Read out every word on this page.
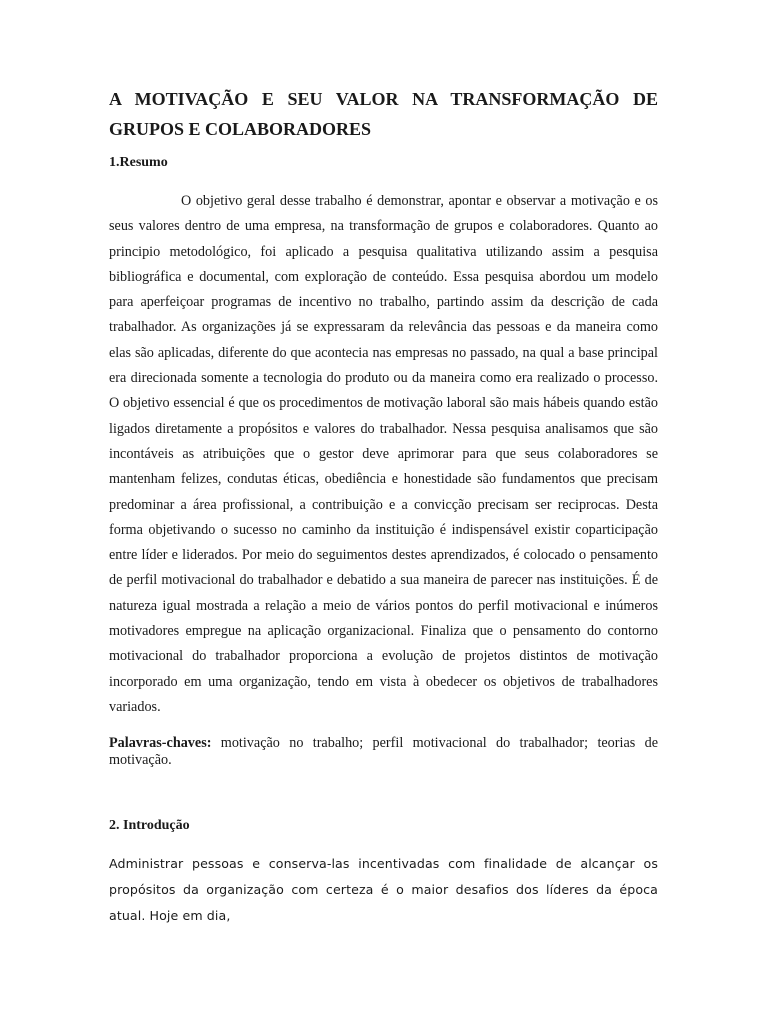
A MOTIVAÇÃO E SEU VALOR NA TRANSFORMAÇÃO DE
GRUPOS E COLABORADORES
1.Resumo

O objetivo geral desse trabalho é demonstrar, apontar e observar a motivação e os seus valores dentro de uma empresa, na transformação de grupos e colaboradores. Quanto ao principio metodológico, foi aplicado a pesquisa qualitativa utilizando assim a pesquisa bibliográfica e documental, com exploração de conteúdo. Essa pesquisa abordou um modelo para aperfeiçoar programas de incentivo no trabalho, partindo assim da descrição de cada trabalhador. As organizações já se expressaram da relevância das pessoas e da maneira como elas são aplicadas, diferente do que acontecia nas empresas no passado, na qual a base principal era direcionada somente a tecnologia do produto ou da maneira como era realizado o processo. O objetivo essencial é que os procedimentos de motivação laboral são mais hábeis quando estão ligados diretamente a propósitos e valores do trabalhador. Nessa pesquisa analisamos que são incontáveis as atribuições que o gestor deve aprimorar para que seus colaboradores se mantenham felizes, condutas éticas, obediência e honestidade são fundamentos que precisam predominar a área profissional, a contribuição e a convicção precisam ser reciprocas. Desta forma objetivando o sucesso no caminho da instituição é indispensável existir coparticipação entre líder e liderados. Por meio do seguimentos destes aprendizados, é colocado o pensamento de perfil motivacional do trabalhador e debatido a sua maneira de parecer nas instituições. É de natureza igual mostrada a relação a meio de vários pontos do perfil motivacional e inúmeros motivadores empregue na aplicação organizacional. Finaliza que o pensamento do contorno motivacional do trabalhador proporciona a evolução de projetos distintos de motivação incorporado em uma organização, tendo em vista à obedecer os objetivos de trabalhadores variados.

Palavras-chaves: motivação no trabalho; perfil motivacional do trabalhador; teorias de motivação.

2. Introdução

Administrar pessoas e conserva-las incentivadas com finalidade de alcançar os propósitos da organização com certeza é o maior desafios dos líderes da época atual. Hoje em dia,
